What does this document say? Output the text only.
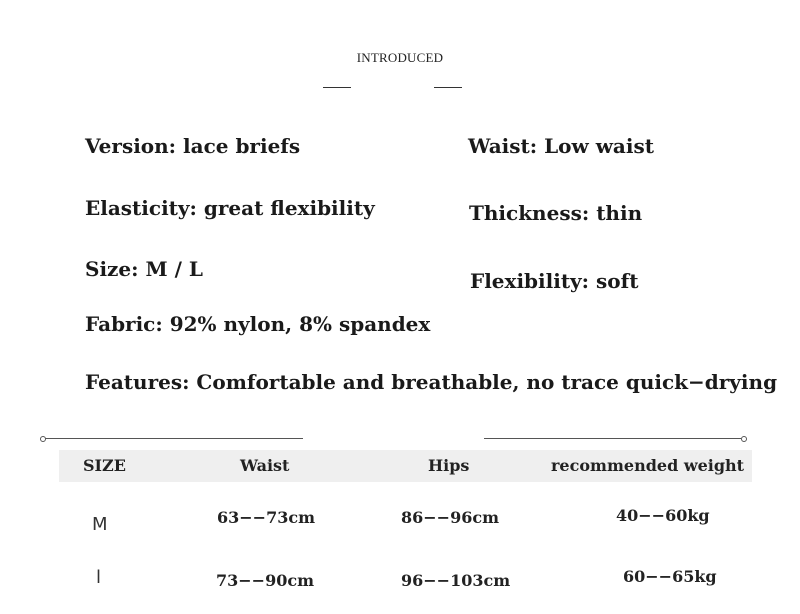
INTRODUCED
Version: lace briefs	Waist: Low waist
Elasticity: great flexibility	Thickness: thin
Size: M / L	Flexibility: soft
Fabric: 92% nylon, 8% spandex
Features: Comfortable and breathable, no trace quick−drying
SIZE	Waist	Hips	recommended weight
M	63−−73cm	86−−96cm	40−−60kg
l	73−−90cm	96−−103cm	60−−65kg
